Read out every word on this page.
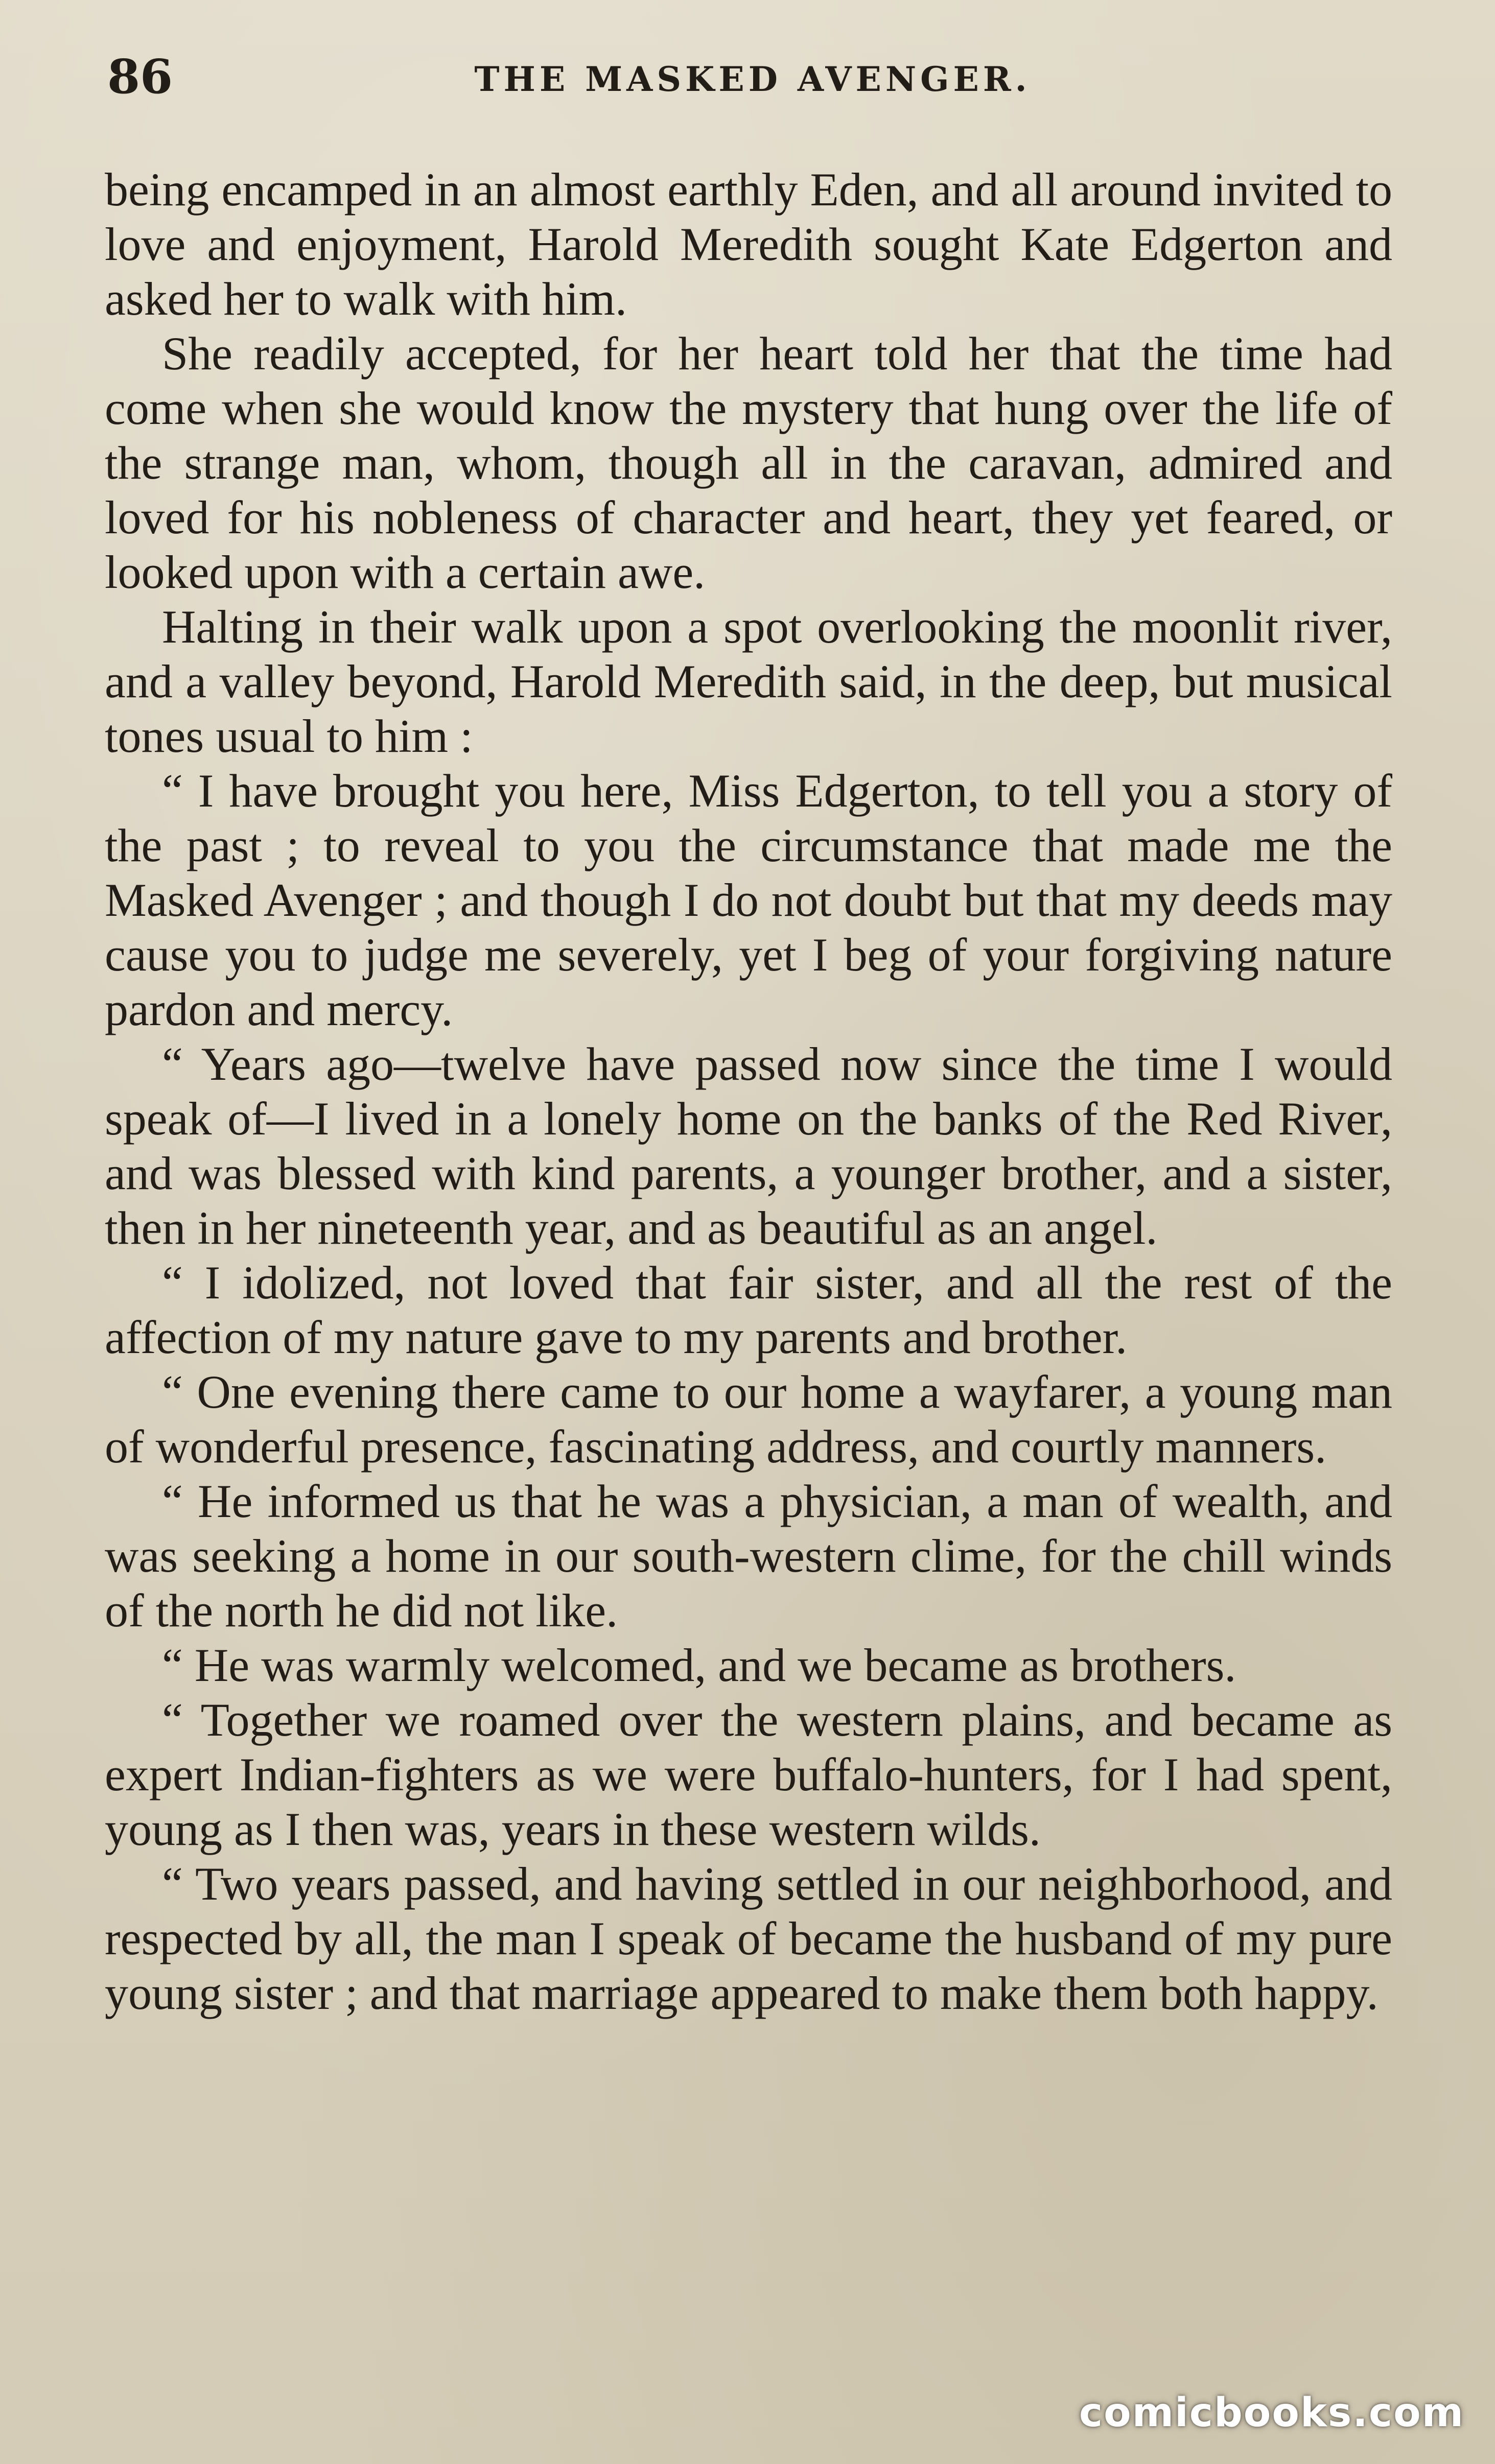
86	THE MASKED AVENGER.

being encamped in an almost earthly Eden, and all around invited to love and enjoyment, Harold Meredith sought Kate Edgerton and asked her to walk with him.

She readily accepted, for her heart told her that the time had come when she would know the mystery that hung over the life of the strange man, whom, though all in the caravan, admired and loved for his nobleness of character and heart, they yet feared, or looked upon with a certain awe.

Halting in their walk upon a spot overlooking the moonlit river, and a valley beyond, Harold Meredith said, in the deep, but musical tones usual to him :

“ I have brought you here, Miss Edgerton, to tell you a story of the past ; to reveal to you the circumstance that made me the Masked Avenger ; and though I do not doubt but that my deeds may cause you to judge me severely, yet I beg of your forgiving nature pardon and mercy.

“ Years ago—twelve have passed now since the time I would speak of—I lived in a lonely home on the banks of the Red River, and was blessed with kind parents, a younger brother, and a sister, then in her nineteenth year, and as beautiful as an angel.

“ I idolized, not loved that fair sister, and all the rest of the affection of my nature gave to my parents and brother.

“ One evening there came to our home a wayfarer, a young man of wonderful presence, fascinating address, and courtly manners.

“ He informed us that he was a physician, a man of wealth, and was seeking a home in our south-western clime, for the chill winds of the north he did not like.

“ He was warmly welcomed, and we became as brothers.

“ Together we roamed over the western plains, and became as expert Indian-fighters as we were buffalo-hunters, for I had spent, young as I then was, years in these western wilds.

“ Two years passed, and having settled in our neighborhood, and respected by all, the man I speak of became the husband of my pure young sister ; and that marriage appeared to make them both happy.

comicbooks.com
